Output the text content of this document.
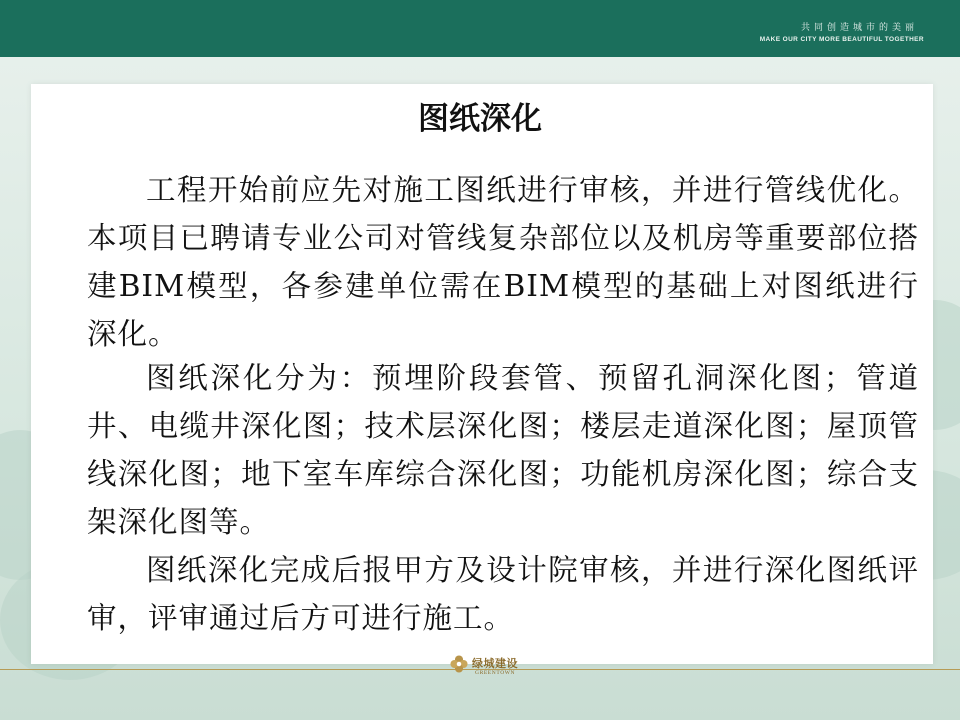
共同创造城市的美丽
MAKE OUR CITY MORE BEAUTIFUL TOGETHER
图纸深化

工程开始前应先对施工图纸进行审核，并进行管线优化。本项目已聘请专业公司对管线复杂部位以及机房等重要部位搭建BIM模型，各参建单位需在BIM模型的基础上对图纸进行深化。

图纸深化分为：预埋阶段套管、预留孔洞深化图；管道井、电缆井深化图；技术层深化图；楼层走道深化图；屋顶管线深化图；地下室车库综合深化图；功能机房深化图；综合支架深化图等。

图纸深化完成后报甲方及设计院审核，并进行深化图纸评审，评审通过后方可进行施工。

绿城建设
GREENTOWN
